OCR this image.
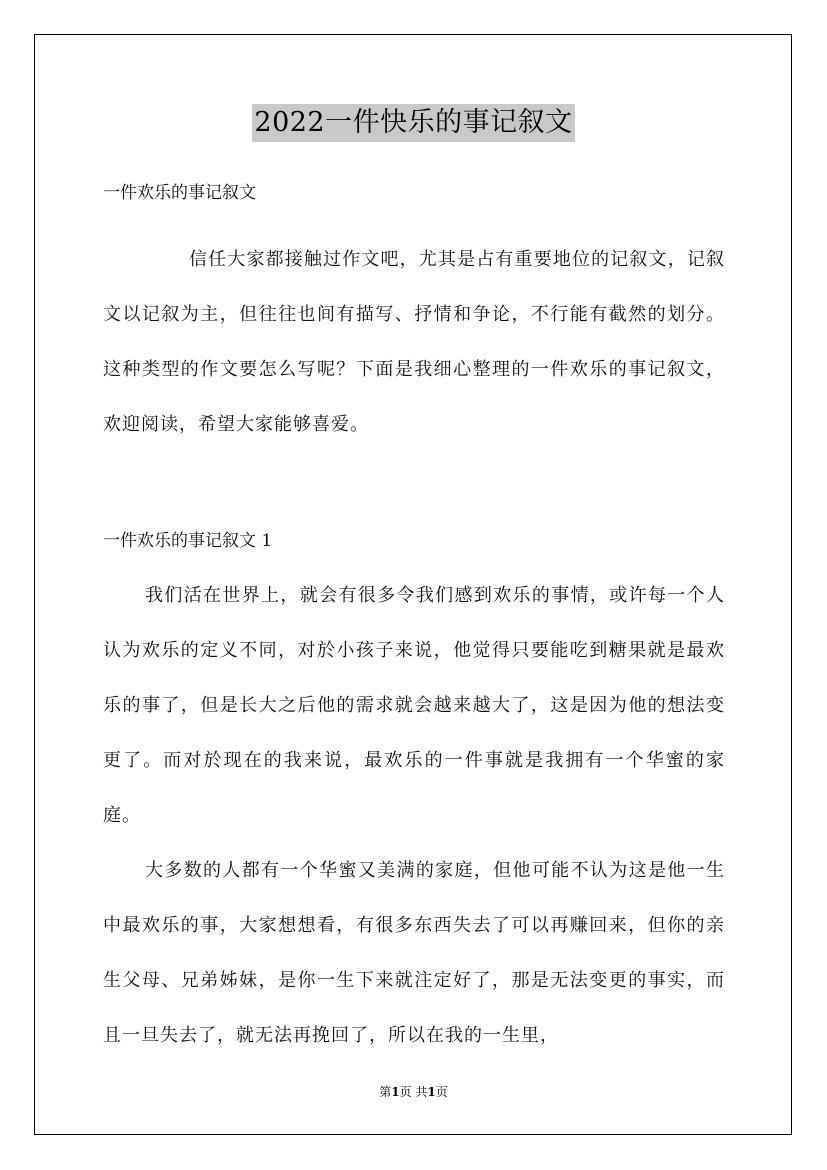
2022一件快乐的事记叙文

一件欢乐的事记叙文

信任大家都接触过作文吧，尤其是占有重要地位的记叙文，记叙文以记叙为主，但往往也间有描写、抒情和争论，不行能有截然的划分。这种类型的作文要怎么写呢？下面是我细心整理的一件欢乐的事记叙文，欢迎阅读，希望大家能够喜爱。

一件欢乐的事记叙文 1

我们活在世界上，就会有很多令我们感到欢乐的事情，或许每一个人认为欢乐的定义不同，对於小孩子来说，他觉得只要能吃到糖果就是最欢乐的事了，但是长大之后他的需求就会越来越大了，这是因为他的想法变更了。而对於现在的我来说，最欢乐的一件事就是我拥有一个华蜜的家庭。

大多数的人都有一个华蜜又美满的家庭，但他可能不认为这是他一生中最欢乐的事，大家想想看，有很多东西失去了可以再赚回来，但你的亲生父母、兄弟姊妹，是你一生下来就注定好了，那是无法变更的事实，而且一旦失去了，就无法再挽回了，所以在我的一生里，

第1页 共1页
